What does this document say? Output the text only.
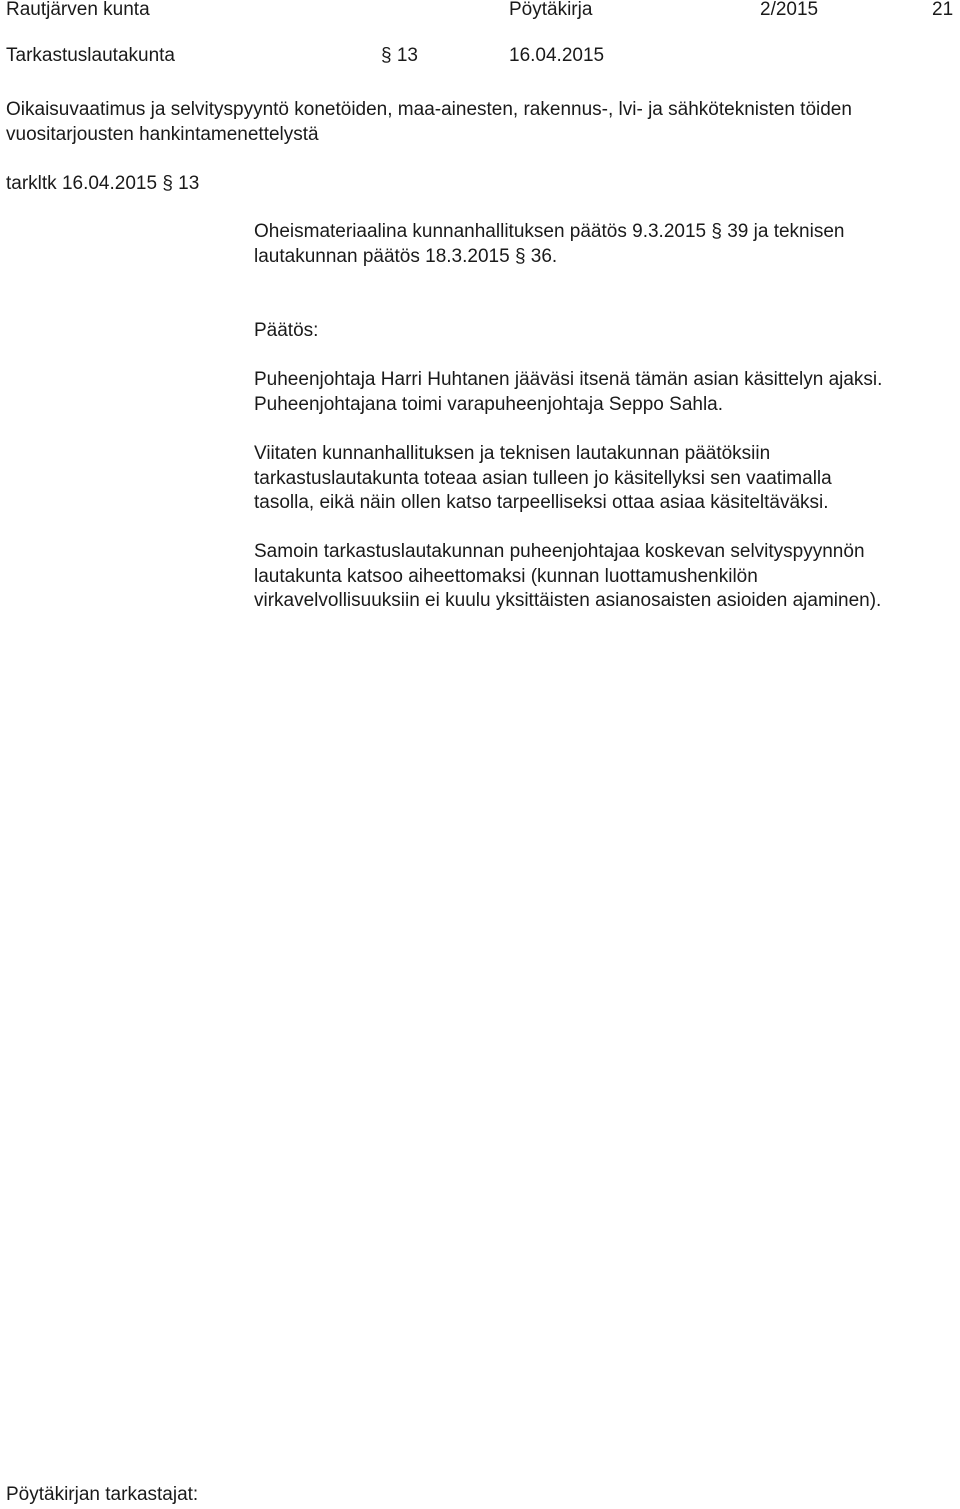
Rautjärven kunta	Pöytäkirja	2/2015	21
Tarkastuslautakunta	§ 13	16.04.2015
Oikaisuvaatimus ja selvityspyyntö konetöiden, maa-ainesten, rakennus-, lvi- ja sähköteknisten töiden
vuositarjousten hankintamenettelystä
tarkltk 16.04.2015 § 13
Oheismateriaalina kunnanhallituksen päätös 9.3.2015 § 39 ja teknisen
lautakunnan päätös 18.3.2015 § 36.
Päätös:
Puheenjohtaja Harri Huhtanen jääväsi itsenä tämän asian käsittelyn ajaksi.
Puheenjohtajana toimi varapuheenjohtaja Seppo Sahla.
Viitaten kunnanhallituksen ja teknisen lautakunnan päätöksiin
tarkastuslautakunta toteaa asian tulleen jo käsitellyksi sen vaatimalla
tasolla, eikä näin ollen katso tarpeelliseksi ottaa asiaa käsiteltäväksi.
Samoin tarkastuslautakunnan puheenjohtajaa koskevan selvityspyynnön
lautakunta katsoo aiheettomaksi (kunnan luottamushenkilön
virkavelvollisuuksiin ei kuulu yksittäisten asianosaisten asioiden ajaminen).
Pöytäkirjan tarkastajat:
